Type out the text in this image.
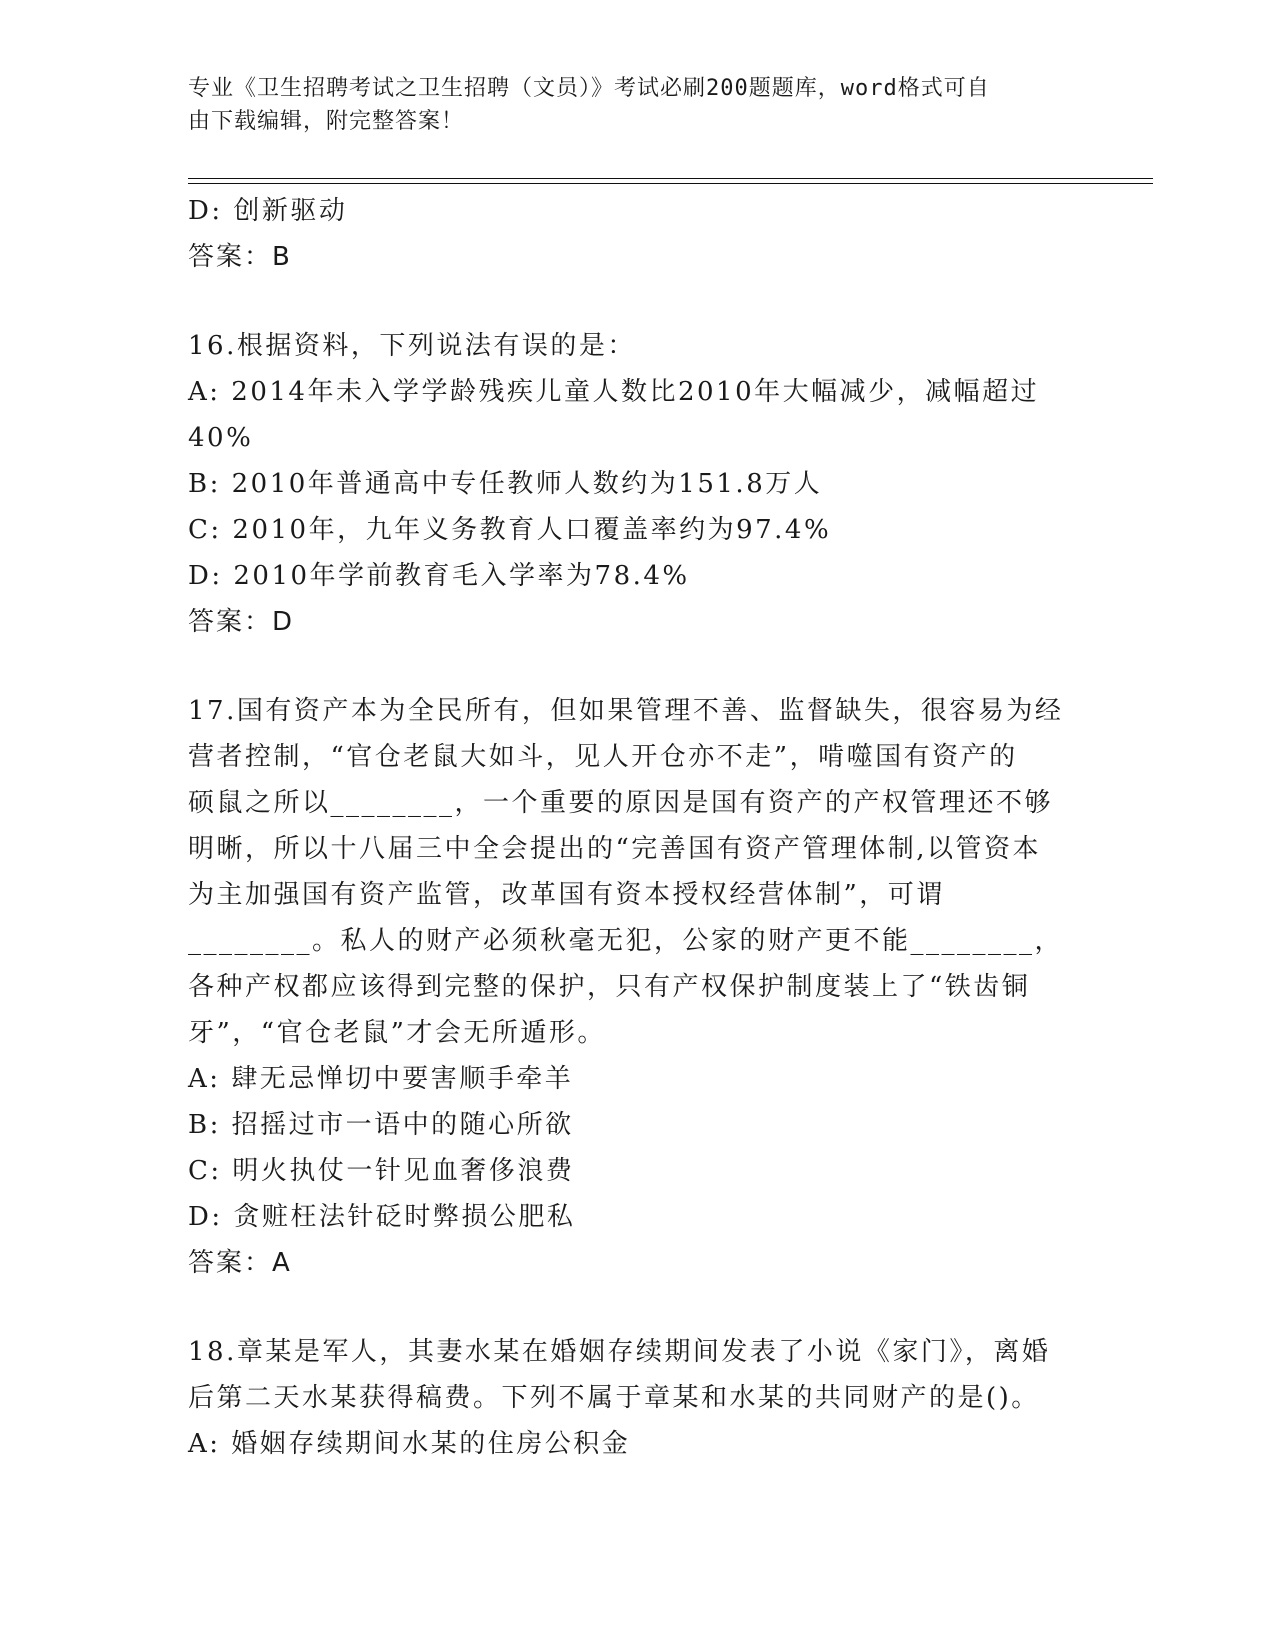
专业《卫生招聘考试之卫生招聘（文员）》考试必刷200题题库，word格式可自
由下载编辑，附完整答案！
D: 创新驱动
答案：B
16.根据资料，下列说法有误的是：
A: 2014年未入学学龄残疾儿童人数比2010年大幅减少，减幅超过
40%
B: 2010年普通高中专任教师人数约为151.8万人
C: 2010年，九年义务教育人口覆盖率约为97.4%
D: 2010年学前教育毛入学率为78.4%
答案：D
17.国有资产本为全民所有，但如果管理不善、监督缺失，很容易为经
营者控制，“官仓老鼠大如斗，见人开仓亦不走”，啃噬国有资产的
硕鼠之所以________，一个重要的原因是国有资产的产权管理还不够
明晰，所以十八届三中全会提出的“完善国有资产管理体制,以管资本
为主加强国有资产监管，改革国有资本授权经营体制”，可谓
________。私人的财产必须秋毫无犯，公家的财产更不能________，
各种产权都应该得到完整的保护，只有产权保护制度装上了“铁齿铜
牙”，“官仓老鼠”才会无所遁形。
A: 肆无忌惮切中要害顺手牵羊
B: 招摇过市一语中的随心所欲
C: 明火执仗一针见血奢侈浪费
D: 贪赃枉法针砭时弊损公肥私
答案：A
18.章某是军人，其妻水某在婚姻存续期间发表了小说《家门》，离婚
后第二天水某获得稿费。下列不属于章某和水某的共同财产的是()。
A: 婚姻存续期间水某的住房公积金
